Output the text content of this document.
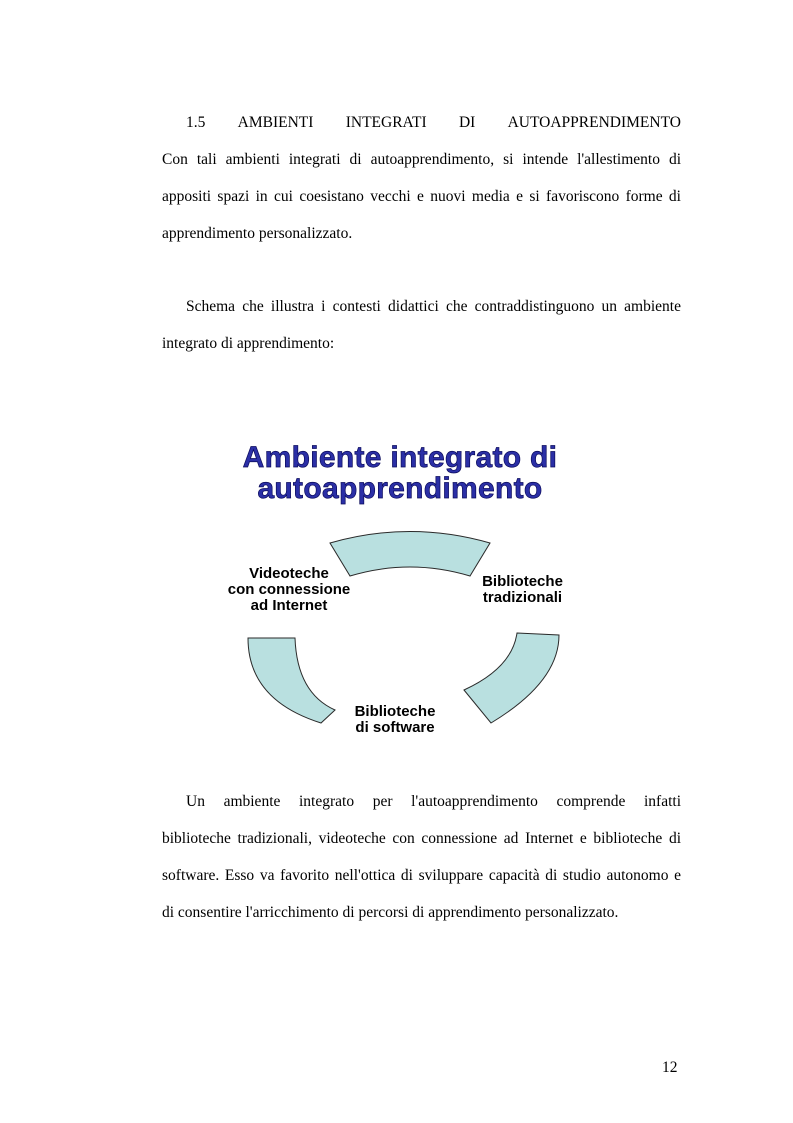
1.5 AMBIENTI INTEGRATI DI AUTOAPPRENDIMENTO
Con tali ambienti integrati di autoapprendimento, si intende l'allestimento di
appositi spazi in cui coesistano vecchi e nuovi media e si favoriscono forme di
apprendimento personalizzato.
Schema che illustra i contesti didattici che contraddistinguono un ambiente
integrato di apprendimento:
Ambiente integrato di
autoapprendimento
Videoteche
con connessione
ad Internet
Biblioteche
tradizionali
Biblioteche
di software
Un ambiente integrato per l'autoapprendimento comprende infatti
biblioteche tradizionali, videoteche con connessione ad Internet e biblioteche di
software. Esso va favorito nell'ottica di sviluppare capacità di studio autonomo e
di consentire l'arricchimento di percorsi di apprendimento personalizzato.
12
